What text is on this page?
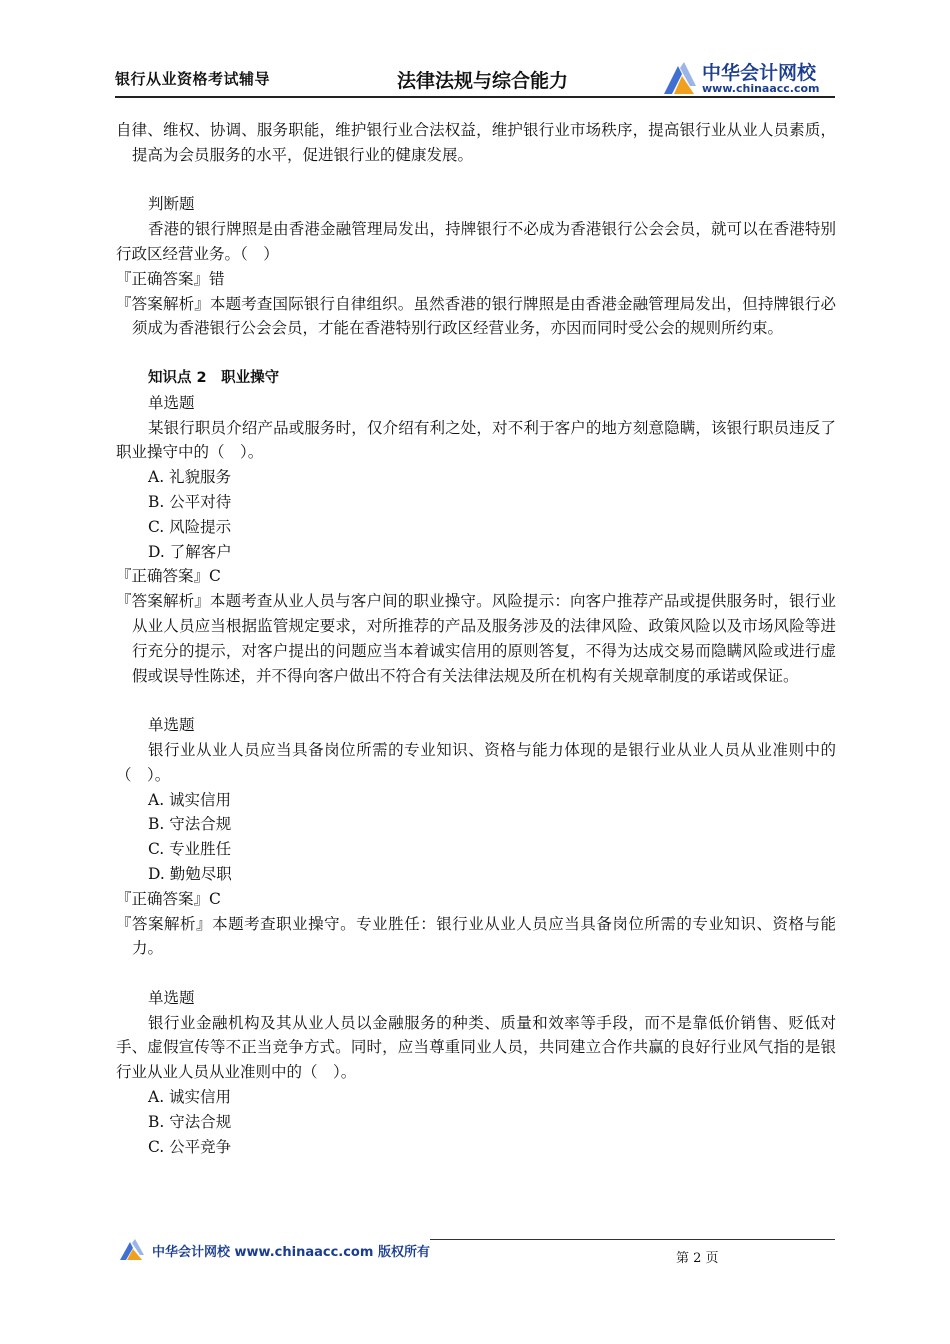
银行从业资格考试辅导	法律法规与综合能力	中华会计网校
www.chinaacc.com

自律、维权、协调、服务职能，维护银行业合法权益，维护银行业市场秩序，提高银行业从业人员素质，提高为会员服务的水平，促进银行业的健康发展。

判断题

香港的银行牌照是由香港金融管理局发出，持牌银行不必成为香港银行公会会员，就可以在香港特别行政区经营业务。（　）

『正确答案』错

『答案解析』本题考查国际银行自律组织。虽然香港的银行牌照是由香港金融管理局发出，但持牌银行必须成为香港银行公会会员，才能在香港特别行政区经营业务，亦因而同时受公会的规则所约束。

知识点 2　职业操守

单选题

某银行职员介绍产品或服务时，仅介绍有利之处，对不利于客户的地方刻意隐瞒，该银行职员违反了职业操守中的（　）。

A. 礼貌服务

B. 公平对待

C. 风险提示

D. 了解客户

『正确答案』C

『答案解析』本题考查从业人员与客户间的职业操守。风险提示：向客户推荐产品或提供服务时，银行业从业人员应当根据监管规定要求，对所推荐的产品及服务涉及的法律风险、政策风险以及市场风险等进行充分的提示，对客户提出的问题应当本着诚实信用的原则答复，不得为达成交易而隐瞒风险或进行虚假或误导性陈述，并不得向客户做出不符合有关法律法规及所在机构有关规章制度的承诺或保证。

单选题

银行业从业人员应当具备岗位所需的专业知识、资格与能力体现的是银行业从业人员从业准则中的（　）。

A. 诚实信用

B. 守法合规

C. 专业胜任

D. 勤勉尽职

『正确答案』C

『答案解析』本题考查职业操守。专业胜任：银行业从业人员应当具备岗位所需的专业知识、资格与能力。

单选题

银行业金融机构及其从业人员以金融服务的种类、质量和效率等手段，而不是靠低价销售、贬低对手、虚假宣传等不正当竞争方式。同时，应当尊重同业人员，共同建立合作共赢的良好行业风气指的是银行业从业人员从业准则中的（　）。

A. 诚实信用

B. 守法合规

C. 公平竞争

中华会计网校 www.chinaacc.com 版权所有	第 2 页
